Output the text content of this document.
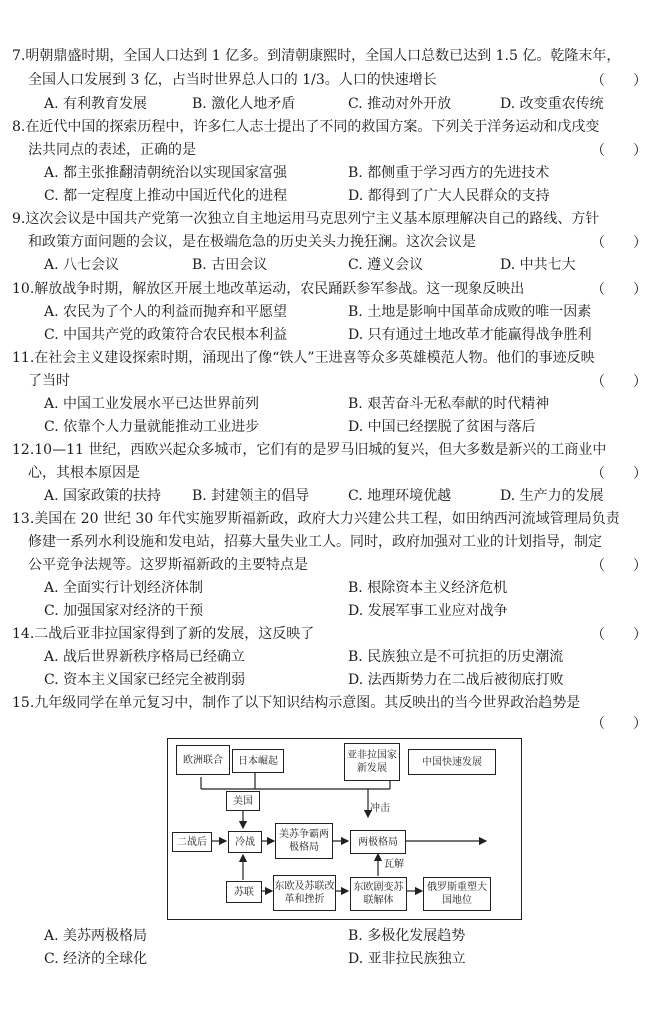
7.明朝鼎盛时期，全国人口达到 1 亿多。到清朝康熙时，全国人口总数已达到 1.5 亿。乾隆末年，
全国人口发展到 3 亿，占当时世界总人口的 1/3。人口的快速增长	（　　）
A. 有利教育发展	B. 激化人地矛盾	C. 推动对外开放	D. 改变重农传统
8.在近代中国的探索历程中，许多仁人志士提出了不同的救国方案。下列关于洋务运动和戊戌变
法共同点的表述，正确的是	（　　）
A. 都主张推翻清朝统治以实现国家富强	B. 都侧重于学习西方的先进技术
C. 都一定程度上推动中国近代化的进程	D. 都得到了广大人民群众的支持
9.这次会议是中国共产党第一次独立自主地运用马克思列宁主义基本原理解决自己的路线、方针
和政策方面问题的会议，是在极端危急的历史关头力挽狂澜。这次会议是	（　　）
A. 八七会议	B. 古田会议	C. 遵义会议	D. 中共七大
10.解放战争时期，解放区开展土地改革运动，农民踊跃参军参战。这一现象反映出	（　　）
A. 农民为了个人的利益而抛弃和平愿望	B. 土地是影响中国革命成败的唯一因素
C. 中国共产党的政策符合农民根本利益	D. 只有通过土地改革才能赢得战争胜利
11.在社会主义建设探索时期，涌现出了像“铁人”王进喜等众多英雄模范人物。他们的事迹反映
了当时	（　　）
A. 中国工业发展水平已达世界前列	B. 艰苦奋斗无私奉献的时代精神
C. 依靠个人力量就能推动工业进步	D. 中国已经摆脱了贫困与落后
12.10—11 世纪，西欧兴起众多城市，它们有的是罗马旧城的复兴，但大多数是新兴的工商业中
心，其根本原因是	（　　）
A. 国家政策的扶持 B. 封建领主的倡导	C. 地理环境优越	D. 生产力的发展
13.美国在 20 世纪 30 年代实施罗斯福新政，政府大力兴建公共工程，如田纳西河流域管理局负责
修建一系列水利设施和发电站，招募大量失业工人。同时，政府加强对工业的计划指导，制定
公平竞争法规等。这罗斯福新政的主要特点是	（　　）
A. 全面实行计划经济体制	B. 根除资本主义经济危机
C. 加强国家对经济的干预	D. 发展军事工业应对战争
14.二战后亚非拉国家得到了新的发展，这反映了	（　　）
A. 战后世界新秩序格局已经确立	B. 民族独立是不可抗拒的历史潮流
C. 资本主义国家已经完全被削弱	D. 法西斯势力在二战后被彻底打败
15.九年级同学在单元复习中，制作了以下知识结构示意图。其反映出的当今世界政治趋势是
（　　）
欧洲联合	日本崛起	亚非拉国家新发展
中国快速发展
美国
二战后	冷战
美苏争霸两极格局	两极格局
冲击
瓦解
苏联	东欧及苏联改革和挫折
东欧剧变苏联解体
俄罗斯重塑大国地位
A. 美苏两极格局	B. 多极化发展趋势
C. 经济的全球化	D. 亚非拉民族独立
